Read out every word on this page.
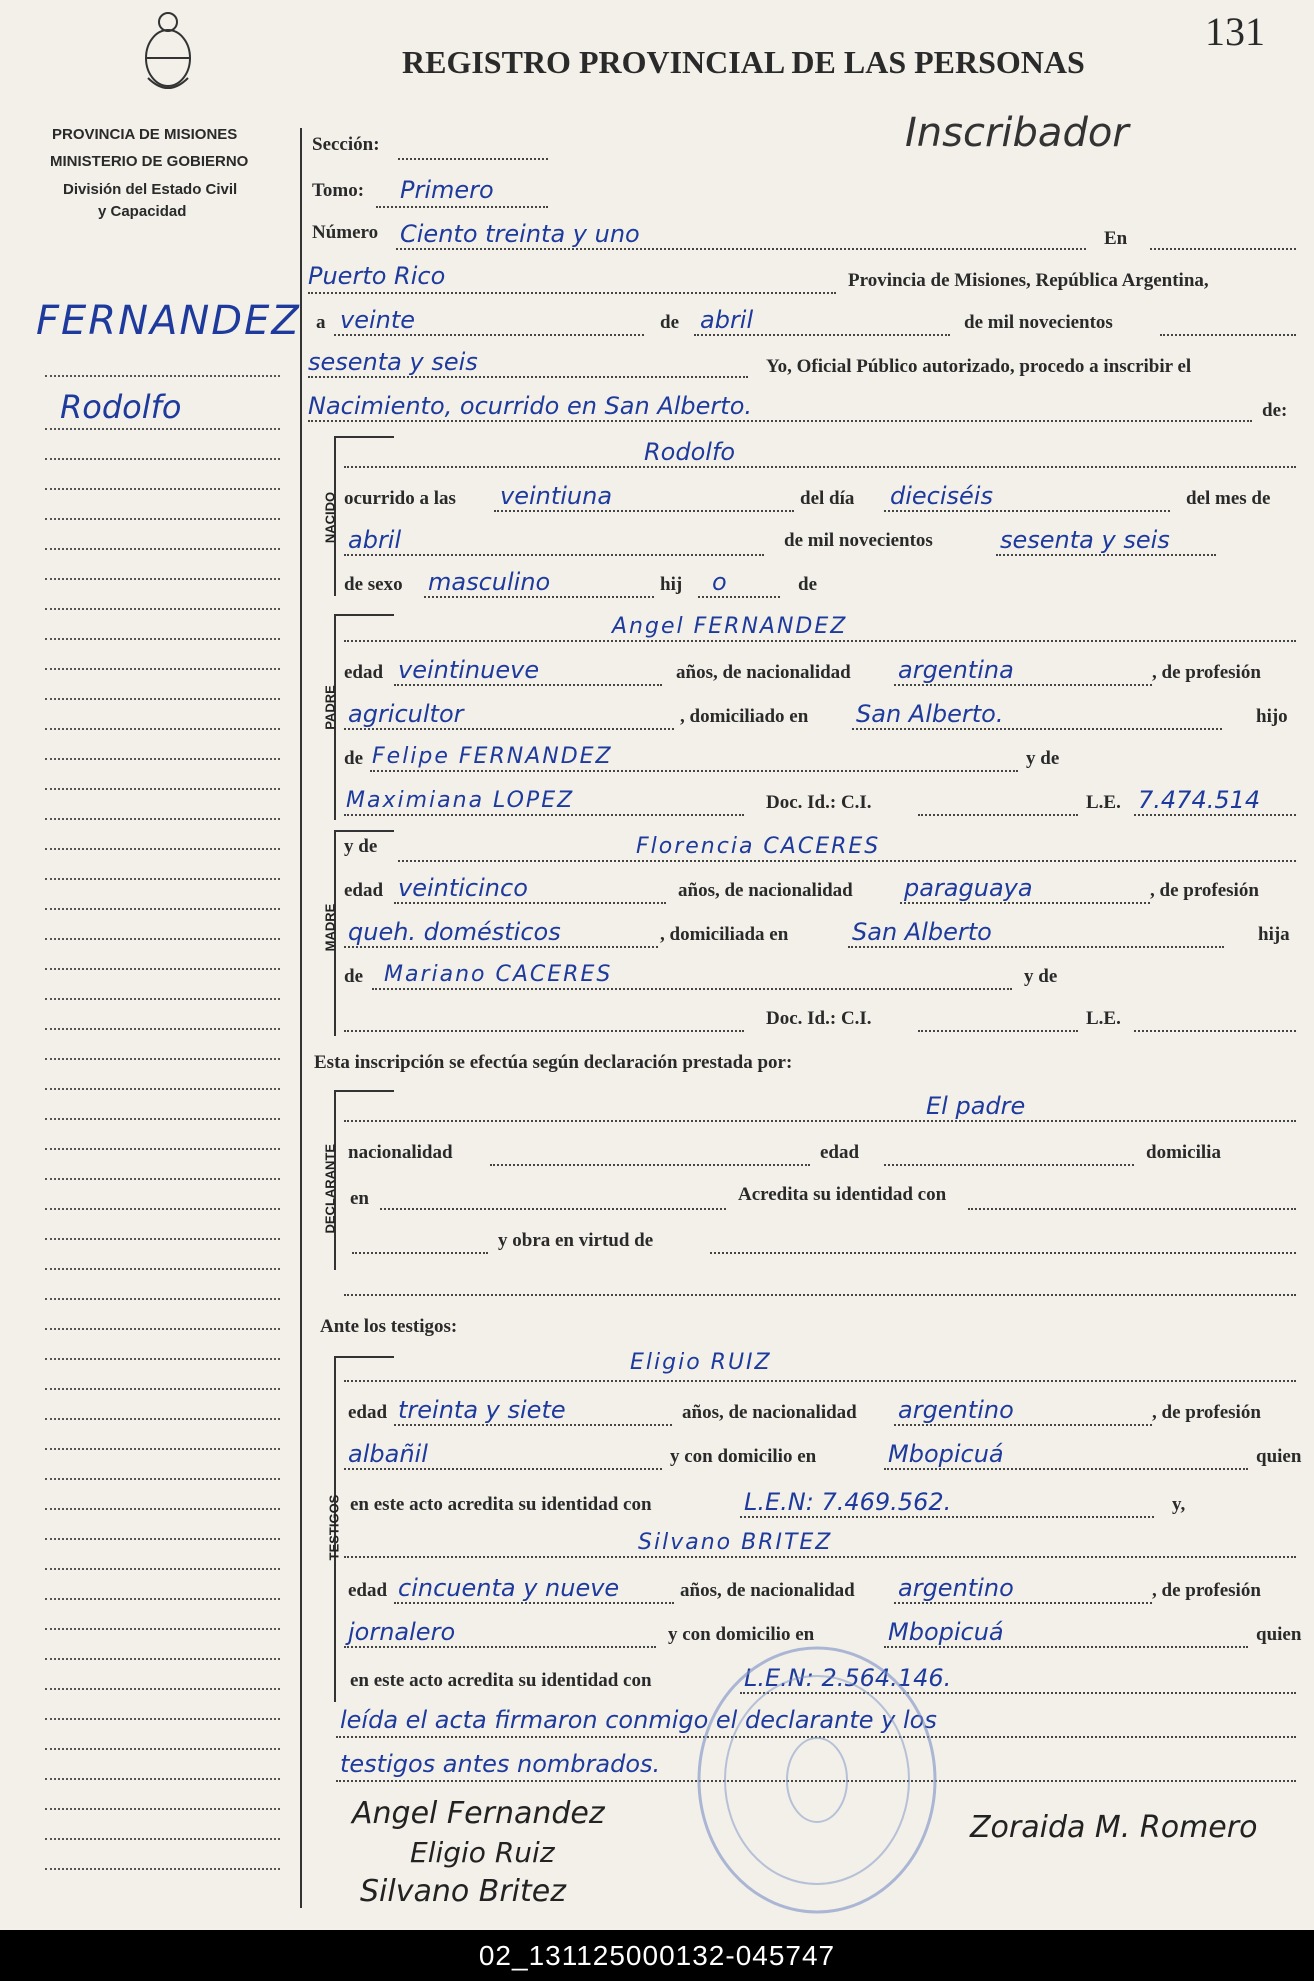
131
REGISTRO PROVINCIAL DE LAS PERSONAS
Inscribador
PROVINCIA DE MISIONES
MINISTERIO DE GOBIERNO
División del Estado Civil
y Capacidad
FERNANDEZ
Rodolfo
Sección:
Tomo: Primero
Número Ciento treinta y uno	En
Puerto Rico	Provincia de Misiones, República Argentina,
a veinte	de abril	de mil novecientos
sesenta y seis	Yo, Oficial Público autorizado, procedo a inscribir el
Nacimiento, ocurrido en San Alberto.	de:
NACIDO
Rodolfo
ocurrido a las veintiuna	del día dieciséis	del mes de
abril	de mil novecientos	sesenta y seis
de sexo masculino	hij o	de
PADRE
Angel FERNANDEZ
edad veintinueve	años, de nacionalidad argentina	, de profesión
agricultor	, domiciliado en San Alberto.	hijo
de Felipe FERNANDEZ	y de
Maximiana LOPEZ	Doc. Id.: C.I.	L.E. 7.474.514
MADRE
y de	Florencia CACERES
edad veinticinco	años, de nacionalidad paraguaya	, de profesión
queh. domésticos	, domiciliada en	San Alberto	hija
de Mariano CACERES	y de
Doc. Id.: C.I.	L.E.
Esta inscripción se efectúa según declaración prestada por:
DECLARANTE
El padre
nacionalidad	edad	domicilia
en	Acredita su identidad con
y obra en virtud de
Ante los testigos:
TESTIGOS
Eligio RUIZ
edad treinta y siete	años, de nacionalidad argentino	, de profesión
albañil	y con domicilio en	Mbopicuá	quien
en este acto acredita su identidad con	L.E.N: 7.469.562.	y,
Silvano BRITEZ
edad cincuenta y nueve	años, de nacionalidad argentino	, de profesión
jornalero	y con domicilio en	Mbopicuá	quien
en este acto acredita su identidad con	L.E.N: 2.564.146.
leída el acta firmaron conmigo el declarante y los
testigos antes nombrados.
Angel Fernandez
Eligio Ruiz
Silvano Britez
Zoraida M. Romero
02_131125000132-045747
